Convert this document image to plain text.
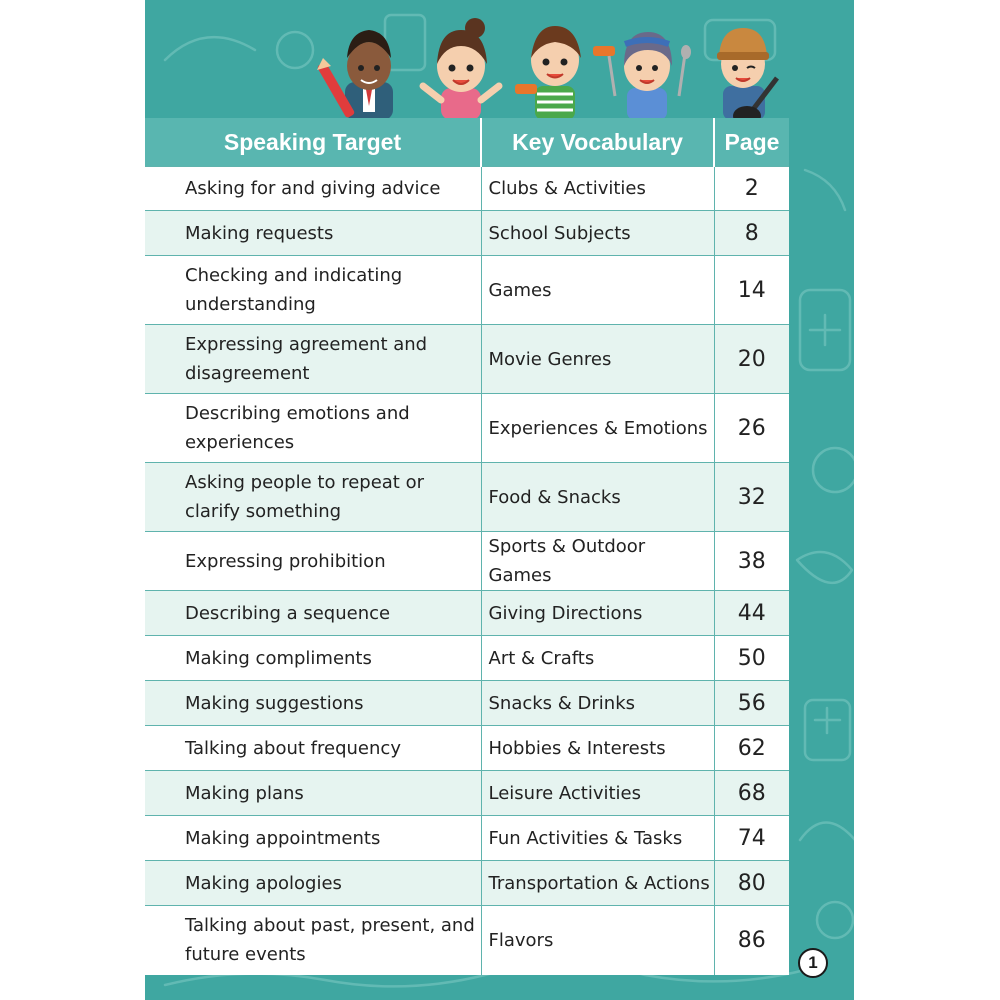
Speaking Target	Key Vocabulary	Page
Asking for and giving advice	Clubs & Activities	2
Making requests	School Subjects	8
Checking and indicating understanding	Games	14
Expressing agreement and disagreement	Movie Genres	20
Describing emotions and experiences	Experiences & Emotions	26
Asking people to repeat or clarify something	Food & Snacks	32
Expressing prohibition	Sports & Outdoor Games	38
Describing a sequence	Giving Directions	44
Making compliments	Art & Crafts	50
Making suggestions	Snacks & Drinks	56
Talking about frequency	Hobbies & Interests	62
Making plans	Leisure Activities	68
Making appointments	Fun Activities & Tasks	74
Making apologies	Transportation & Actions	80
Talking about past, present, and future events	Flavors	86
1
